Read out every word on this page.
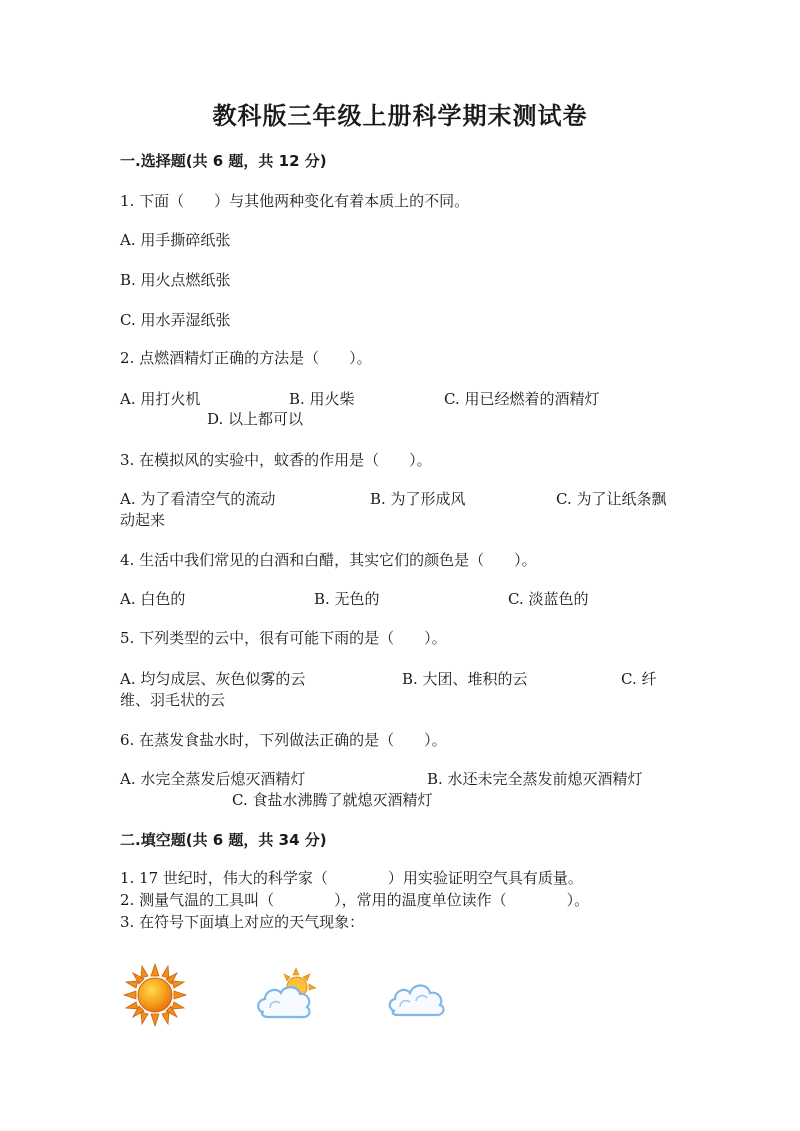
教科版三年级上册科学期末测试卷
一.选择题(共 6 题，共 12 分)
1. 下面（　　）与其他两种变化有着本质上的不同。
A. 用手撕碎纸张
B. 用火点燃纸张
C. 用水弄湿纸张
2. 点燃酒精灯正确的方法是（　　）。
A. 用打火机	B. 用火柴	C. 用已经燃着的酒精灯
D. 以上都可以
3. 在模拟风的实验中，蚊香的作用是（　　）。
A. 为了看清空气的流动	B. 为了形成风	C. 为了让纸条飘
动起来
4. 生活中我们常见的白酒和白醋，其实它们的颜色是（　　）。
A. 白色的	B. 无色的	C. 淡蓝色的
5. 下列类型的云中，很有可能下雨的是（　　）。
A. 均匀成层、灰色似雾的云	B. 大团、堆积的云	C. 纤
维、羽毛状的云
6. 在蒸发食盐水时，下列做法正确的是（　　）。
A. 水完全蒸发后熄灭酒精灯	B. 水还未完全蒸发前熄灭酒精灯
C. 食盐水沸腾了就熄灭酒精灯
二.填空题(共 6 题，共 34 分)
1. 17 世纪时，伟大的科学家（　　　　）用实验证明空气具有质量。
2. 测量气温的工具叫（　　　　），常用的温度单位读作（　　　　）。
3. 在符号下面填上对应的天气现象：
